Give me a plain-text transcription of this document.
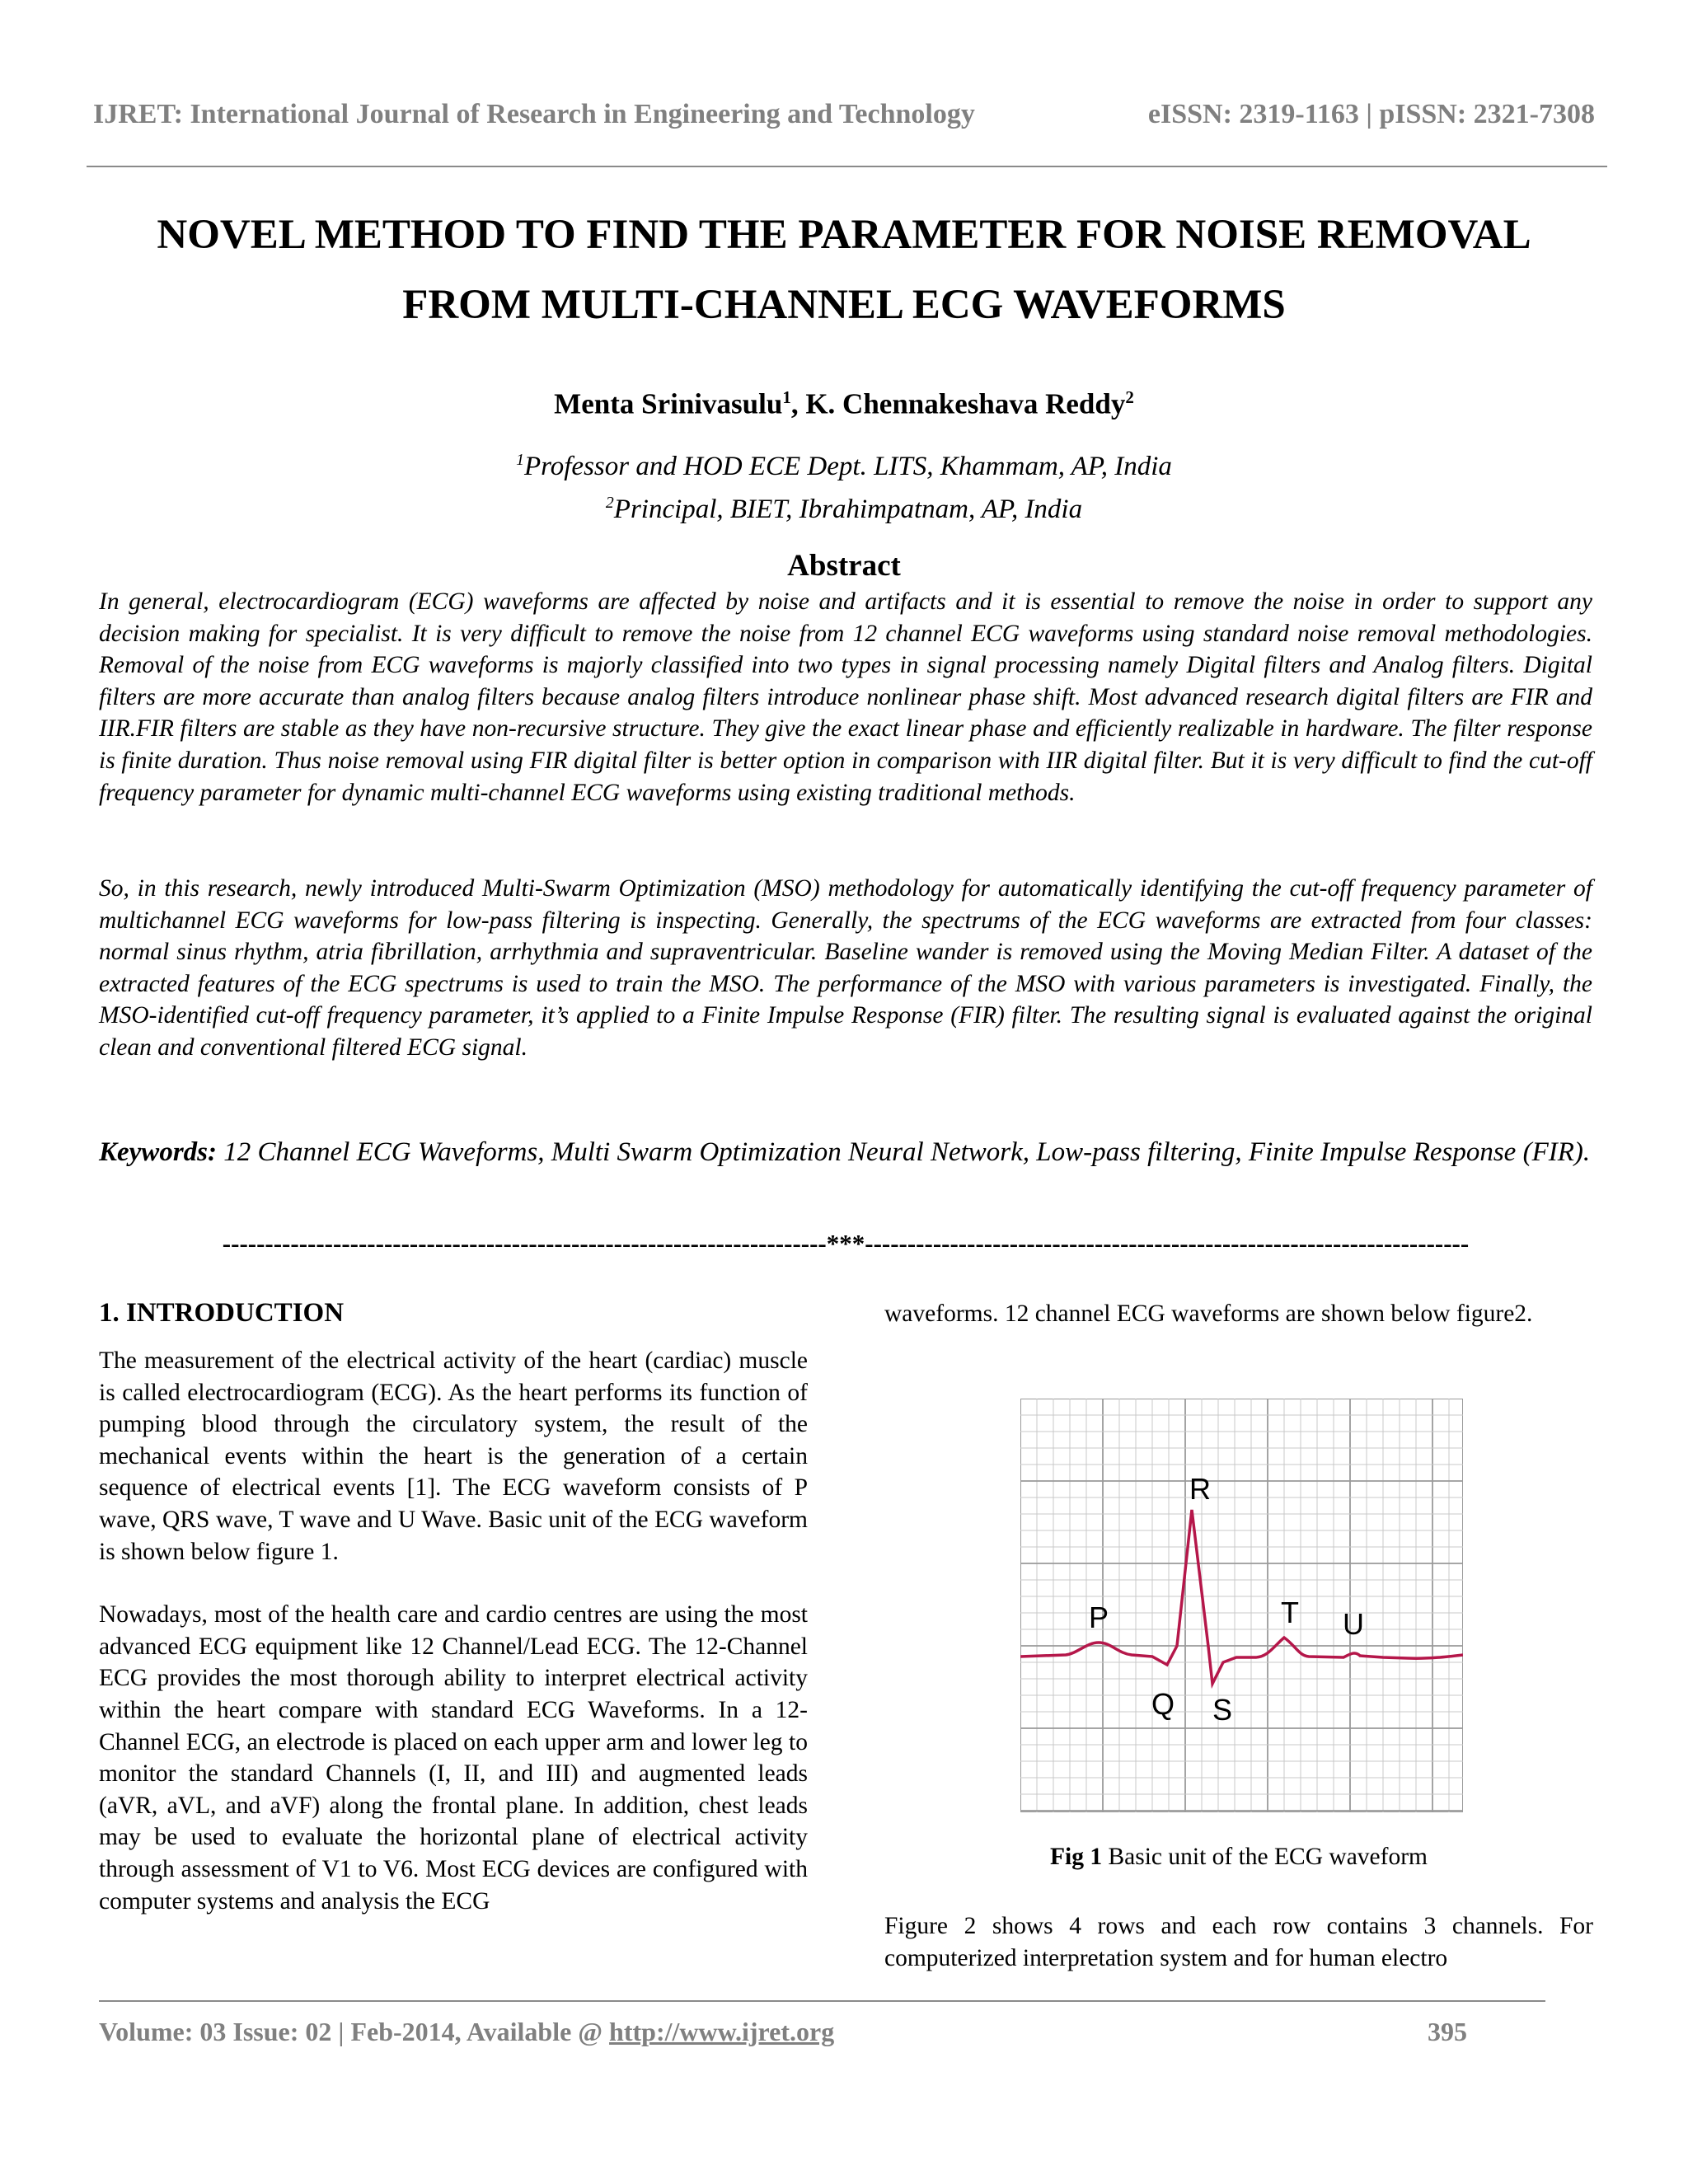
IJRET: International Journal of Research in Engineering and Technology	eISSN: 2319-1163 | pISSN: 2321-7308
NOVEL METHOD TO FIND THE PARAMETER FOR NOISE REMOVAL
FROM MULTI-CHANNEL ECG WAVEFORMS
Menta Srinivasulu$^1$, K. Chennakeshava Reddy$^2$
$^1$Professor and HOD ECE Dept. LITS, Khammam, AP, India
$^2$Principal, BIET, Ibrahimpatnam, AP, India
Abstract
In general, electrocardiogram (ECG) waveforms are affected by noise and artifacts and it is essential to remove the noise in order to support any decision making for specialist. It is very difficult to remove the noise from 12 channel ECG waveforms using standard noise removal methodologies. Removal of the noise from ECG waveforms is majorly classified into two types in signal processing namely Digital filters and Analog filters. Digital filters are more accurate than analog filters because analog filters introduce nonlinear phase shift. Most advanced research digital filters are FIR and IIR.FIR filters are stable as they have non-recursive structure. They give the exact linear phase and efficiently realizable in hardware. The filter response is finite duration. Thus noise removal using FIR digital filter is better option in comparison with IIR digital filter. But it is very difficult to find the cut-off frequency parameter for dynamic multi-channel ECG waveforms using existing traditional methods.
So, in this research, newly introduced Multi-Swarm Optimization (MSO) methodology for automatically identifying the cut-off frequency parameter of multichannel ECG waveforms for low-pass filtering is inspecting. Generally, the spectrums of the ECG waveforms are extracted from four classes: normal sinus rhythm, atria fibrillation, arrhythmia and supraventricular. Baseline wander is removed using the Moving Median Filter. A dataset of the extracted features of the ECG spectrums is used to train the MSO. The performance of the MSO with various parameters is investigated. Finally, the MSO-identified cut-off frequency parameter, it’s applied to a Finite Impulse Response (FIR) filter. The resulting signal is evaluated against the original clean and conventional filtered ECG signal.
Keywords: 12 Channel ECG Waveforms, Multi Swarm Optimization Neural Network, Low-pass filtering, Finite Impulse Response (FIR).
-----------------------------------------------------------------------***-----------------------------------------------------------------------
1. INTRODUCTION

The measurement of the electrical activity of the heart (cardiac) muscle is called electrocardiogram (ECG). As the heart performs its function of pumping blood through the circulatory system, the result of the mechanical events within the heart is the generation of a certain sequence of electrical events [1]. The ECG waveform consists of P wave, QRS wave, T wave and U Wave. Basic unit of the ECG waveform is shown below figure 1.

Nowadays, most of the health care and cardio centres are using the most advanced ECG equipment like 12 Channel/Lead ECG. The 12-Channel ECG provides the most thorough ability to interpret electrical activity within the heart compare with standard ECG Waveforms. In a 12-Channel ECG, an electrode is placed on each upper arm and lower leg to monitor the standard Channels (I, II, and III) and augmented leads (aVR, aVL, and aVF) along the frontal plane. In addition, chest leads may be used to evaluate the horizontal plane of electrical activity through assessment of V1 to V6. Most ECG devices are configured with computer systems and analysis the ECG

waveforms. 12 channel ECG waveforms are shown below figure2.

P
Q
R
S
T U
Fig 1 Basic unit of the ECG waveform

Figure 2 shows 4 rows and each row contains 3 channels. For computerized interpretation system and for human electro

Volume: 03 Issue: 02 | Feb-2014, Available @ http://www.ijret.org	395
